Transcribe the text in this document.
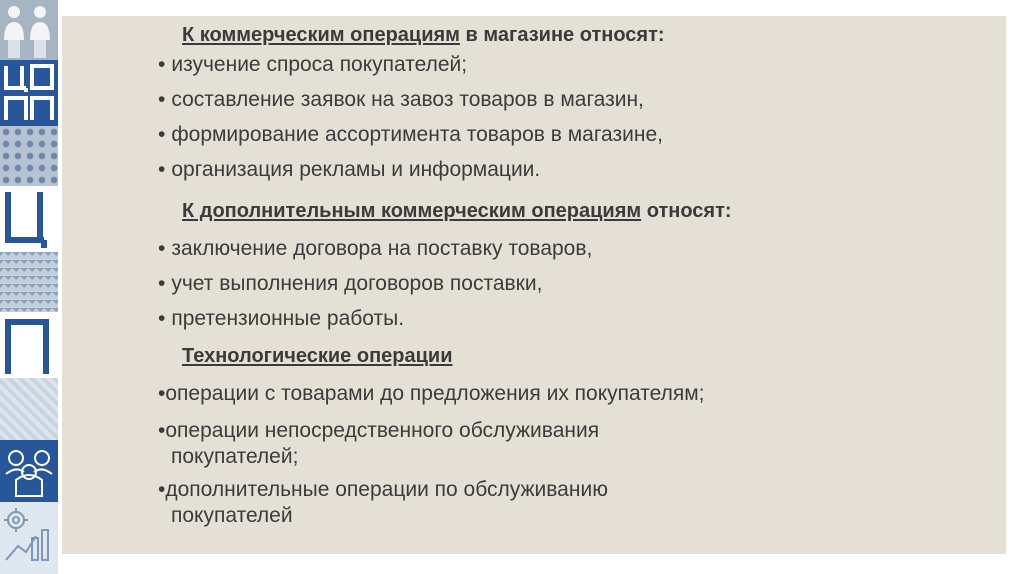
К коммерческим операциям в магазине относят:

• изучение спроса покупателей;
• составление заявок на завоз товаров в магазин,
• формирование ассортимента товаров в магазине,
• организация рекламы и информации.

К дополнительным коммерческим операциям относят:

• заключение договора на поставку товаров,
• учет выполнения договоров поставки,
• претензионные работы.

Технологические операции

•операции с товарами до предложения их покупателям;
•операции непосредственного обслуживания
покупателей;
•дополнительные операции по обслуживанию
покупателей
